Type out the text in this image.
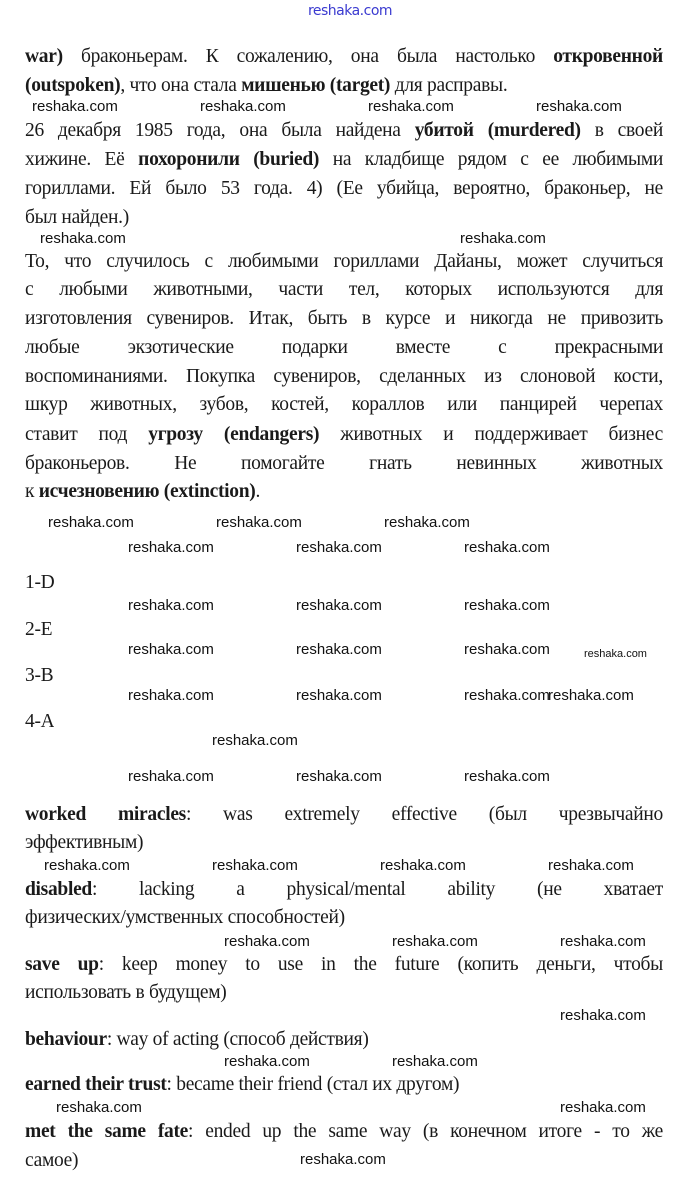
reshaka.com
war) браконьерам. К сожалению, она была настолько откровенной
(outspoken), что она стала мишенью (target) для расправы.
26 декабря 1985 года, она была найдена убитой (murdered) в своей
хижине. Её похоронили (buried) на кладбище рядом с ее любимыми
гориллами. Ей было 53 года. 4) (Ее убийца, вероятно, браконьер, не
был найден.)
То, что случилось с любимыми гориллами Дайаны, может случиться
с любыми животными, части тел, которых используются для
изготовления сувениров. Итак, быть в курсе и никогда не привозить
любые экзотические подарки вместе с прекрасными
воспоминаниями. Покупка сувениров, сделанных из слоновой кости,
шкур животных, зубов, костей, кораллов или панцирей черепах
ставит под угрозу (endangers) животных и поддерживает бизнес
браконьеров. Не помогайте гнать невинных животных
к исчезновению (extinction).
1-D
2-E
3-B
4-A
worked miracles: was extremely effective (был чрезвычайно
эффективным)
disabled: lacking a physical/mental ability (не хватает
физических/умственных способностей)
save up: keep money to use in the future (копить деньги, чтобы
использовать в будущем)
behaviour: way of acting (способ действия)
earned their trust: became their friend (стал их другом)
met the same fate: ended up the same way (в конечном итоге - то же
самое)
reshaka.com	reshaka.com	reshaka.com	reshaka.com
reshaka.com	reshaka.com
reshaka.com	reshaka.com	reshaka.com
reshaka.com	reshaka.com	reshaka.com
reshaka.com	reshaka.com	reshaka.com
reshaka.com	reshaka.com	reshaka.com	reshaka.com
reshaka.com	reshaka.com	reshaka.com
reshaka.com
reshaka.com
reshaka.com	reshaka.com	reshaka.com
reshaka.com	reshaka.com	reshaka.com	reshaka.com
reshaka.com	reshaka.com	reshaka.com
reshaka.com
reshaka.com	reshaka.com
reshaka.com	reshaka.com
reshaka.com
